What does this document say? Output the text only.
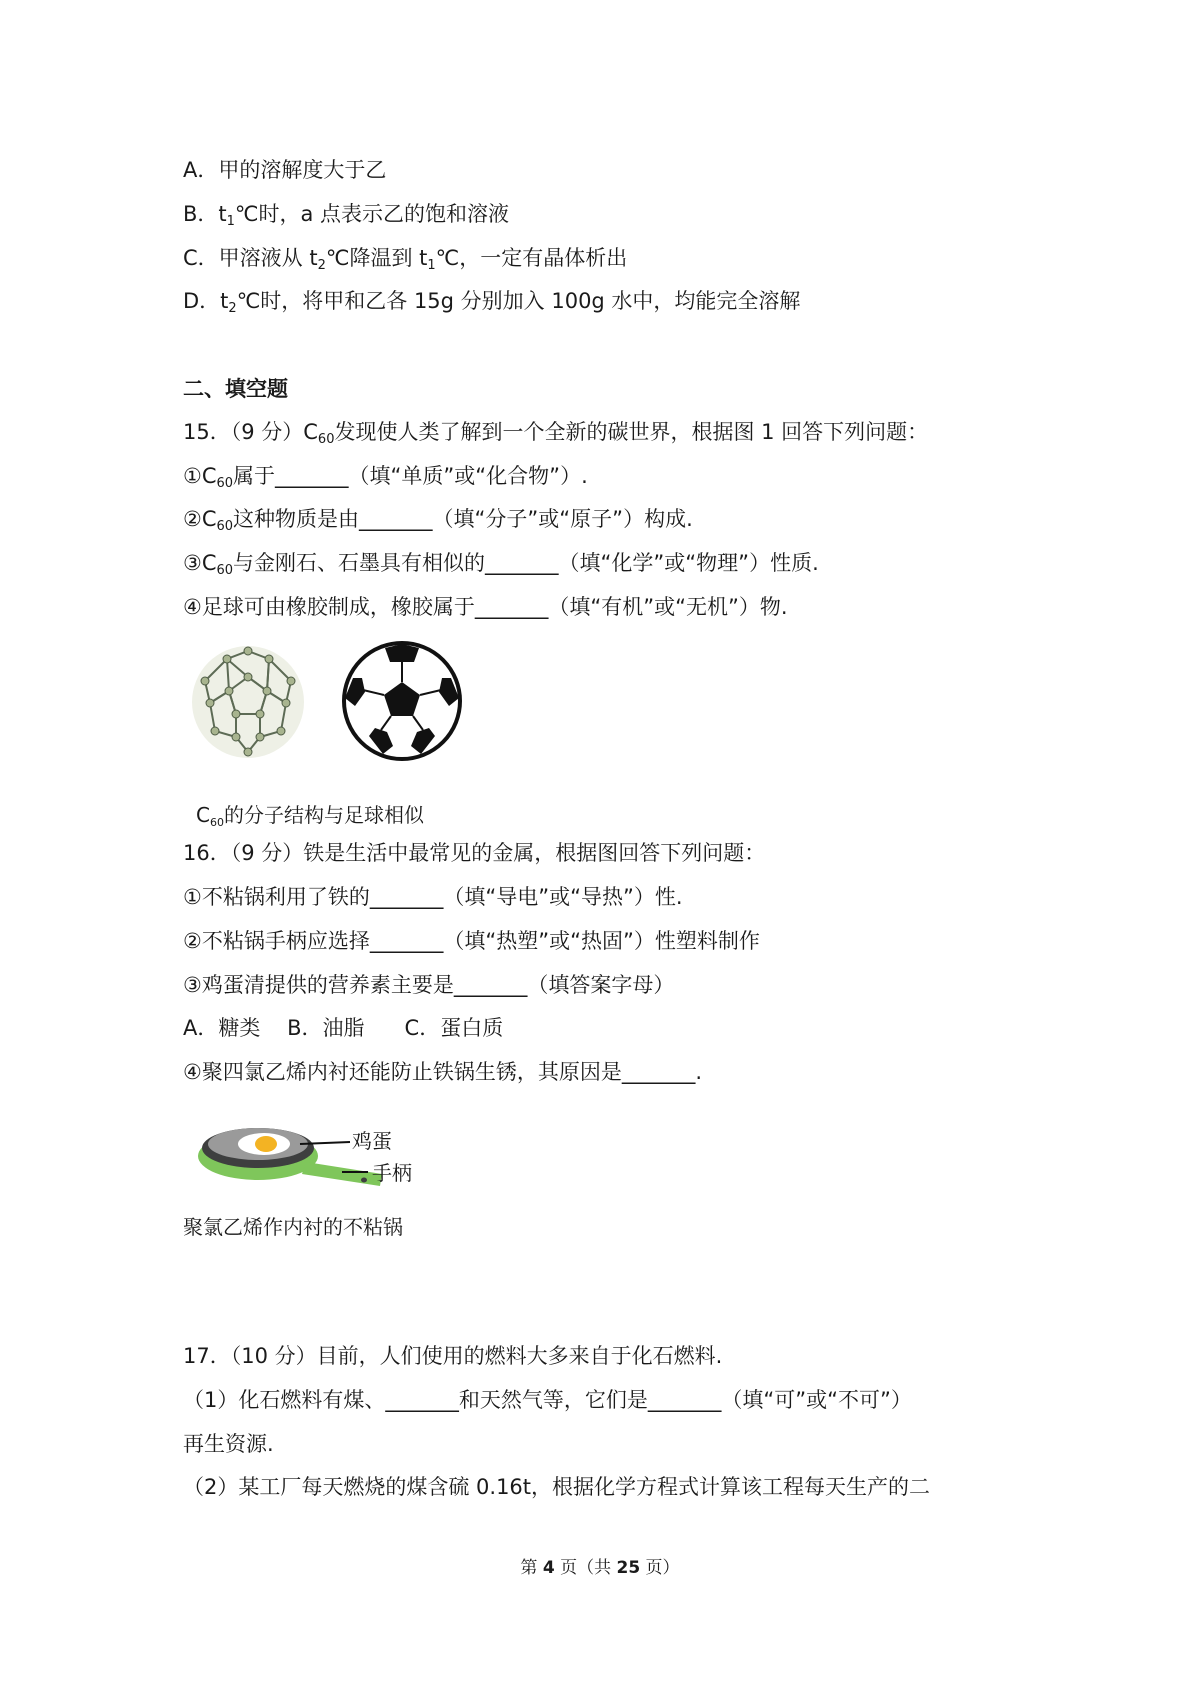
A．甲的溶解度大于乙
B．$t_1℃$时，a 点表示乙的饱和溶液
C．甲溶液从 $t_2℃$降温到 $t_1℃$，一定有晶体析出
D．$t_2℃$时，将甲和乙各 15g 分别加入 100g 水中，均能完全溶解
二、填空题
15．（9 分）$C_{60}$发现使人类了解到一个全新的碳世界，根据图 1 回答下列问题：
$①C_{60}$属于_______（填“单质”或“化合物”）.
$②C_{60}$这种物质是由_______（填“分子”或“原子”）构成.
$③C_{60}$与金刚石、石墨具有相似的_______（填“化学”或“物理”）性质.
④足球可由橡胶制成，橡胶属于_______（填“有机”或“无机”）物.
$C_{60}$的分子结构与足球相似
16．（9 分）铁是生活中最常见的金属，根据图回答下列问题：
①不粘锅利用了铁的_______（填“导电”或“导热”）性.
②不粘锅手柄应选择_______（填“热塑”或“热固”）性塑料制作
③鸡蛋清提供的营养素主要是_______（填答案字母）
A．糖类    B．油脂      C．蛋白质
④聚四氯乙烯内衬还能防止铁锅生锈，其原因是_______.
鸡蛋
手柄
聚氯乙烯作内衬的不粘锅
17．（10 分）目前，人们使用的燃料大多来自于化石燃料.
（1）化石燃料有煤、_______和天然气等，它们是_______（填“可”或“不可”）
再生资源.
（2）某工厂每天燃烧的煤含硫 0.16t，根据化学方程式计算该工程每天生产的二
第 4 页（共 25 页）
